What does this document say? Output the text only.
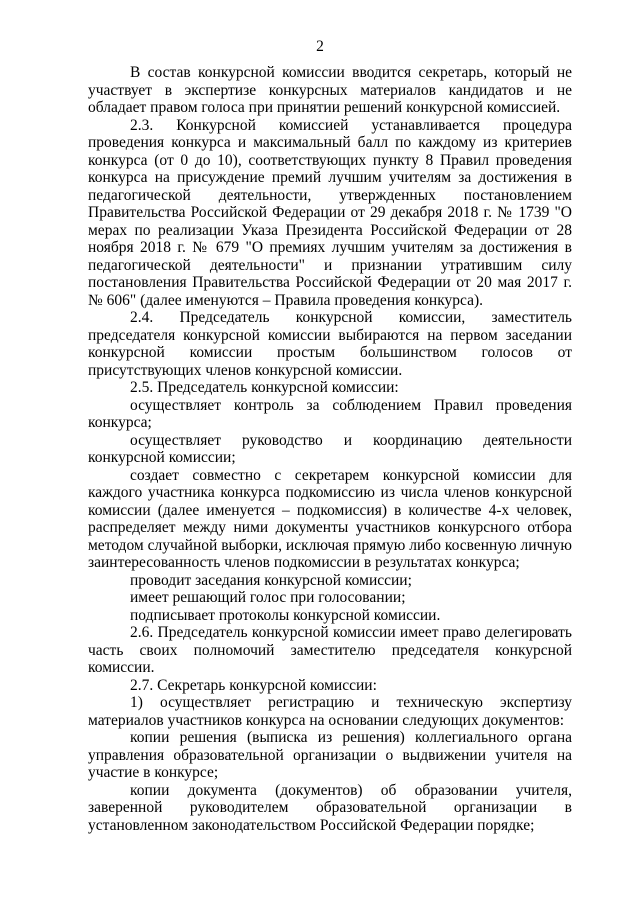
2

В состав конкурсной комиссии вводится секретарь, который не участвует в экспертизе конкурсных материалов кандидатов и не обладает правом голоса при принятии решений конкурсной комиссией.

2.3. Конкурсной комиссией устанавливается процедура проведения конкурса и максимальный балл по каждому из критериев конкурса (от 0 до 10), соответствующих пункту 8 Правил проведения конкурса на присуждение премий лучшим учителям за достижения в педагогической деятельности, утвержденных постановлением Правительства Российской Федерации от 29 декабря 2018 г. № 1739 "О мерах по реализации Указа Президента Российской Федерации от 28 ноября 2018 г. № 679 "О премиях лучшим учителям за достижения в педагогической деятельности" и признании утратившим силу постановления Правительства Российской Федерации от 20 мая 2017 г. № 606" (далее именуются – Правила проведения конкурса).

2.4. Председатель конкурсной комиссии, заместитель председателя конкурсной комиссии выбираются на первом заседании конкурсной комиссии простым большинством голосов от присутствующих членов конкурсной комиссии.

2.5. Председатель конкурсной комиссии:

осуществляет контроль за соблюдением Правил проведения конкурса;

осуществляет руководство и координацию деятельности конкурсной комиссии;

создает совместно с секретарем конкурсной комиссии для каждого участника конкурса подкомиссию из числа членов конкурсной комиссии (далее именуется – подкомиссия) в количестве 4-х человек, распределяет между ними документы участников конкурсного отбора методом случайной выборки, исключая прямую либо косвенную личную заинтересованность членов подкомиссии в результатах конкурса;

проводит заседания конкурсной комиссии;

имеет решающий голос при голосовании;

подписывает протоколы конкурсной комиссии.

2.6. Председатель конкурсной комиссии имеет право делегировать часть своих полномочий заместителю председателя конкурсной комиссии.

2.7. Секретарь конкурсной комиссии:

1) осуществляет регистрацию и техническую экспертизу материалов участников конкурса на основании следующих документов:

копии решения (выписка из решения) коллегиального органа управления образовательной организации о выдвижении учителя на участие в конкурсе;

копии документа (документов) об образовании учителя, заверенной руководителем образовательной организации в установленном законодательством Российской Федерации порядке;
